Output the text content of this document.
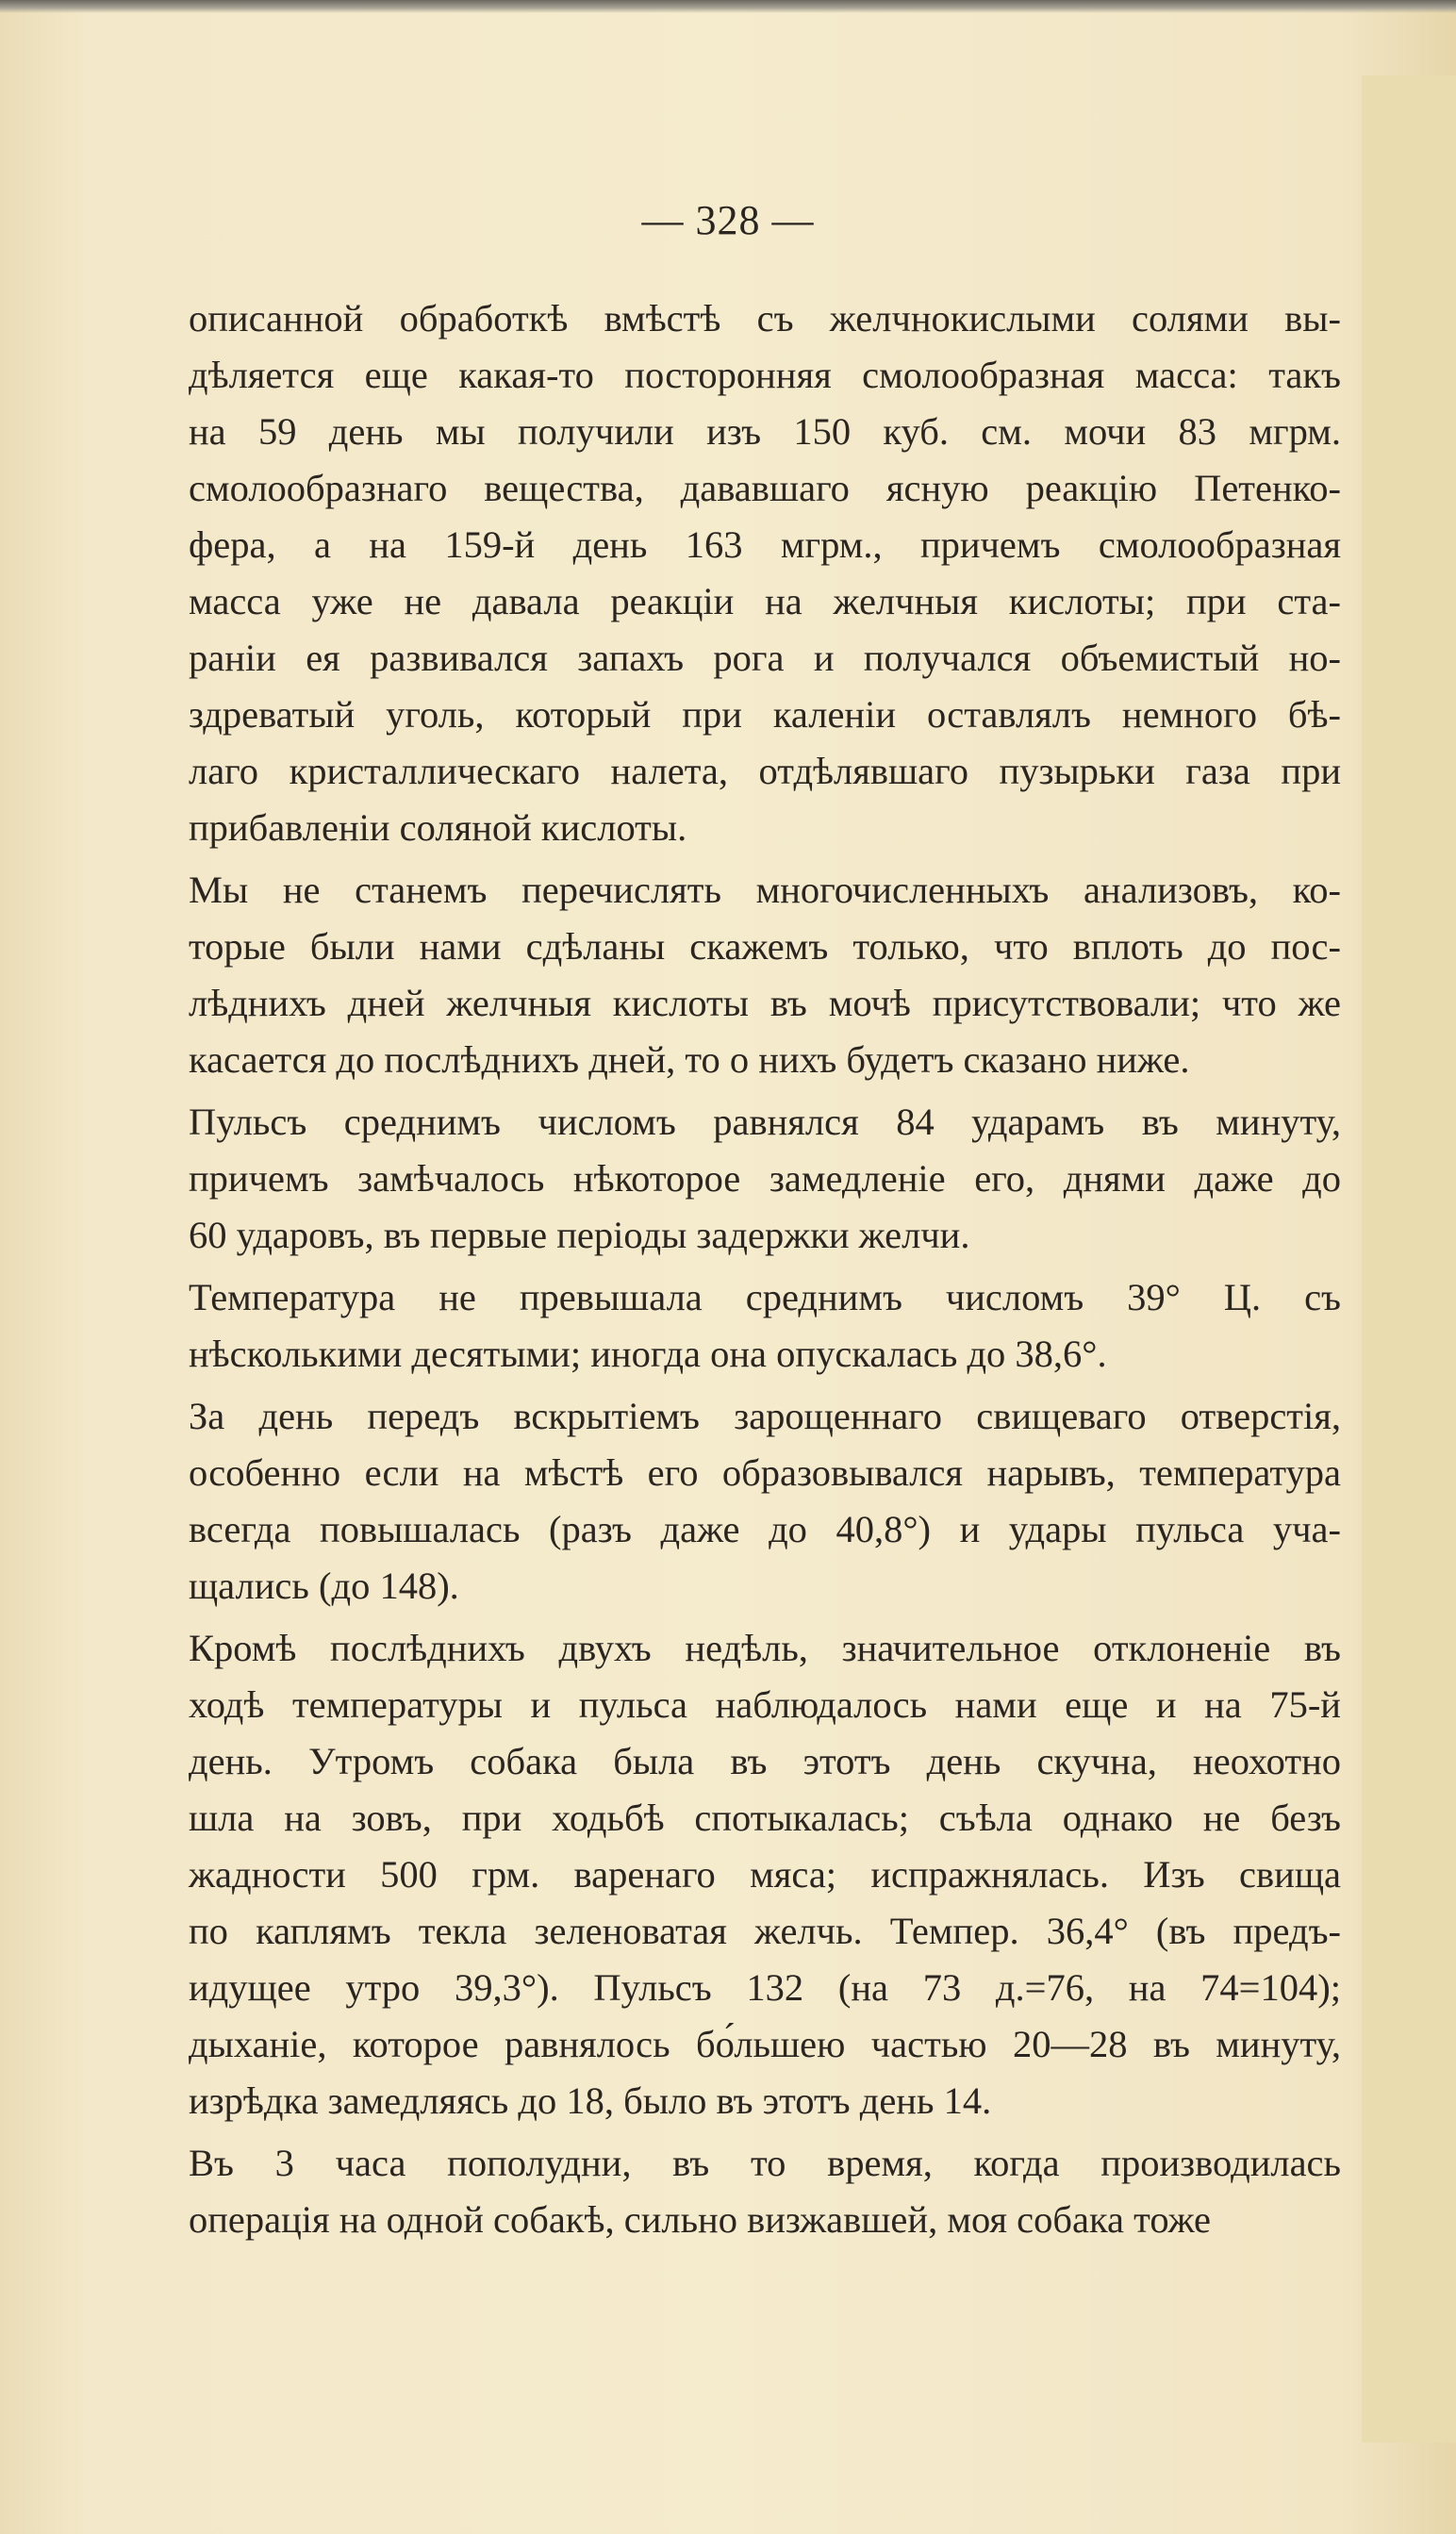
— 328 —
описанной обработкѣ вмѣстѣ съ желчнокислыми солями вы-
дѣляется еще какая-то посторонняя смолообразная масса: такъ
на 59 день мы получили изъ 150 куб. см. мочи 83 мгрм.
смолообразнаго вещества, дававшаго ясную реакцію Петенко-
фера, а на 159-й день 163 мгрм., причемъ смолообразная
масса уже не давала реакціи на желчныя кислоты; при ста-
раніи ея развивался запахъ рога и получался объемистый но-
здреватый уголь, который при каленіи оставлялъ немного бѣ-
лаго кристаллическаго налета, отдѣлявшаго пузырьки газа при
прибавленіи соляной кислоты.
Мы не станемъ перечислять многочисленныхъ анализовъ, ко-
торые были нами сдѣланы скажемъ только, что вплоть до пос-
лѣднихъ дней желчныя кислоты въ мочѣ присутствовали; что же
касается до послѣднихъ дней, то о нихъ будетъ сказано ниже.
Пульсъ среднимъ числомъ равнялся 84 ударамъ въ минуту,
причемъ замѣчалось нѣкоторое замедленіе его, днями даже до
60 ударовъ, въ первые періоды задержки желчи.
Температура не превышала среднимъ числомъ 39° Ц. съ
нѣсколькими десятыми; иногда она опускалась до 38,6°.
За день передъ вскрытіемъ зарощеннаго свищеваго отверстія,
особенно если на мѣстѣ его образовывался нарывъ, температура
всегда повышалась (разъ даже до 40,8°) и удары пульса уча-
щались (до 148).
Кромѣ послѣднихъ двухъ недѣль, значительное отклоненіе въ
ходѣ температуры и пульса наблюдалось нами еще и на 75-й
день. Утромъ собака была въ этотъ день скучна, неохотно
шла на зовъ, при ходьбѣ спотыкалась; съѣла однако не безъ
жадности 500 грм. варенаго мяса; испражнялась. Изъ свища
по каплямъ текла зеленоватая желчь. Темпер. 36,4° (въ предъ-
идущее утро 39,3°). Пульсъ 132 (на 73 д.=76, на 74=104);
дыханіе, которое равнялось бо́льшею частью 20—28 въ минуту,
изрѣдка замедляясь до 18, было въ этотъ день 14.
Въ 3 часа пополудни, въ то время, когда производилась
операція на одной собакѣ, сильно визжавшей, моя собака тоже
